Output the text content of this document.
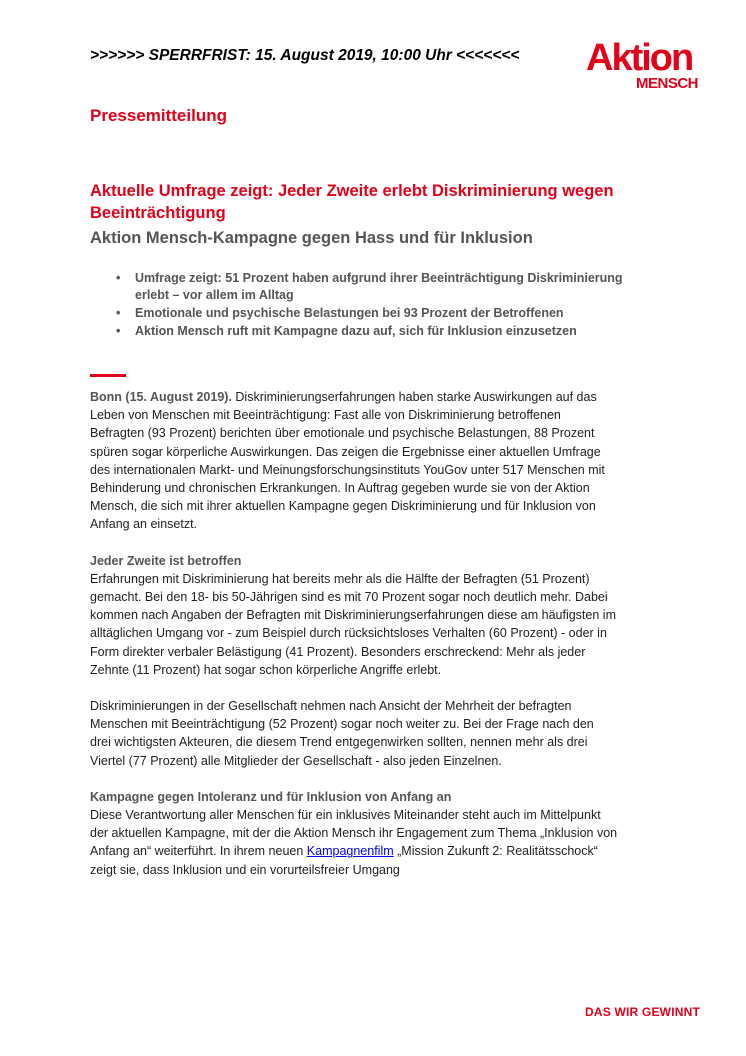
>>>>>> SPERRFRIST: 15. August 2019, 10:00 Uhr <<<<<<< Aktion
MENSCH
Pressemitteilung
Aktuelle Umfrage zeigt: Jeder Zweite erlebt Diskriminierung wegen Beeinträchtigung
Aktion Mensch-Kampagne gegen Hass und für Inklusion
• Umfrage zeigt: 51 Prozent haben aufgrund ihrer Beeinträchtigung Diskriminierung erlebt – vor allem im Alltag
• Emotionale und psychische Belastungen bei 93 Prozent der Betroffenen
• Aktion Mensch ruft mit Kampagne dazu auf, sich für Inklusion einzusetzen

Bonn (15. August 2019). Diskriminierungserfahrungen haben starke Auswirkungen auf das Leben von Menschen mit Beeinträchtigung: Fast alle von Diskriminierung betroffenen Befragten (93 Prozent) berichten über emotionale und psychische Belastungen, 88 Prozent spüren sogar körperliche Auswirkungen. Das zeigen die Ergebnisse einer aktuellen Umfrage des internationalen Markt- und Meinungsforschungsinstituts YouGov unter 517 Menschen mit Behinderung und chronischen Erkrankungen. In Auftrag gegeben wurde sie von der Aktion Mensch, die sich mit ihrer aktuellen Kampagne gegen Diskriminierung und für Inklusion von Anfang an einsetzt.

Jeder Zweite ist betroffen
Erfahrungen mit Diskriminierung hat bereits mehr als die Hälfte der Befragten (51 Prozent) gemacht. Bei den 18- bis 50-Jährigen sind es mit 70 Prozent sogar noch deutlich mehr. Dabei kommen nach Angaben der Befragten mit Diskriminierungserfahrungen diese am häufigsten im alltäglichen Umgang vor - zum Beispiel durch rücksichtsloses Verhalten (60 Prozent) - oder in Form direkter verbaler Belästigung (41 Prozent). Besonders erschreckend: Mehr als jeder Zehnte (11 Prozent) hat sogar schon körperliche Angriffe erlebt.

Diskriminierungen in der Gesellschaft nehmen nach Ansicht der Mehrheit der befragten Menschen mit Beeinträchtigung (52 Prozent) sogar noch weiter zu. Bei der Frage nach den drei wichtigsten Akteuren, die diesem Trend entgegenwirken sollten, nennen mehr als drei Viertel (77 Prozent) alle Mitglieder der Gesellschaft - also jeden Einzelnen.

Kampagne gegen Intoleranz und für Inklusion von Anfang an
Diese Verantwortung aller Menschen für ein inklusives Miteinander steht auch im Mittelpunkt der aktuellen Kampagne, mit der die Aktion Mensch ihr Engagement zum Thema „Inklusion von Anfang an“ weiterführt. In ihrem neuen Kampagnenfilm „Mission Zukunft 2: Realitätsschock“ zeigt sie, dass Inklusion und ein vorurteilsfreier Umgang

DAS WIR GEWINNT
